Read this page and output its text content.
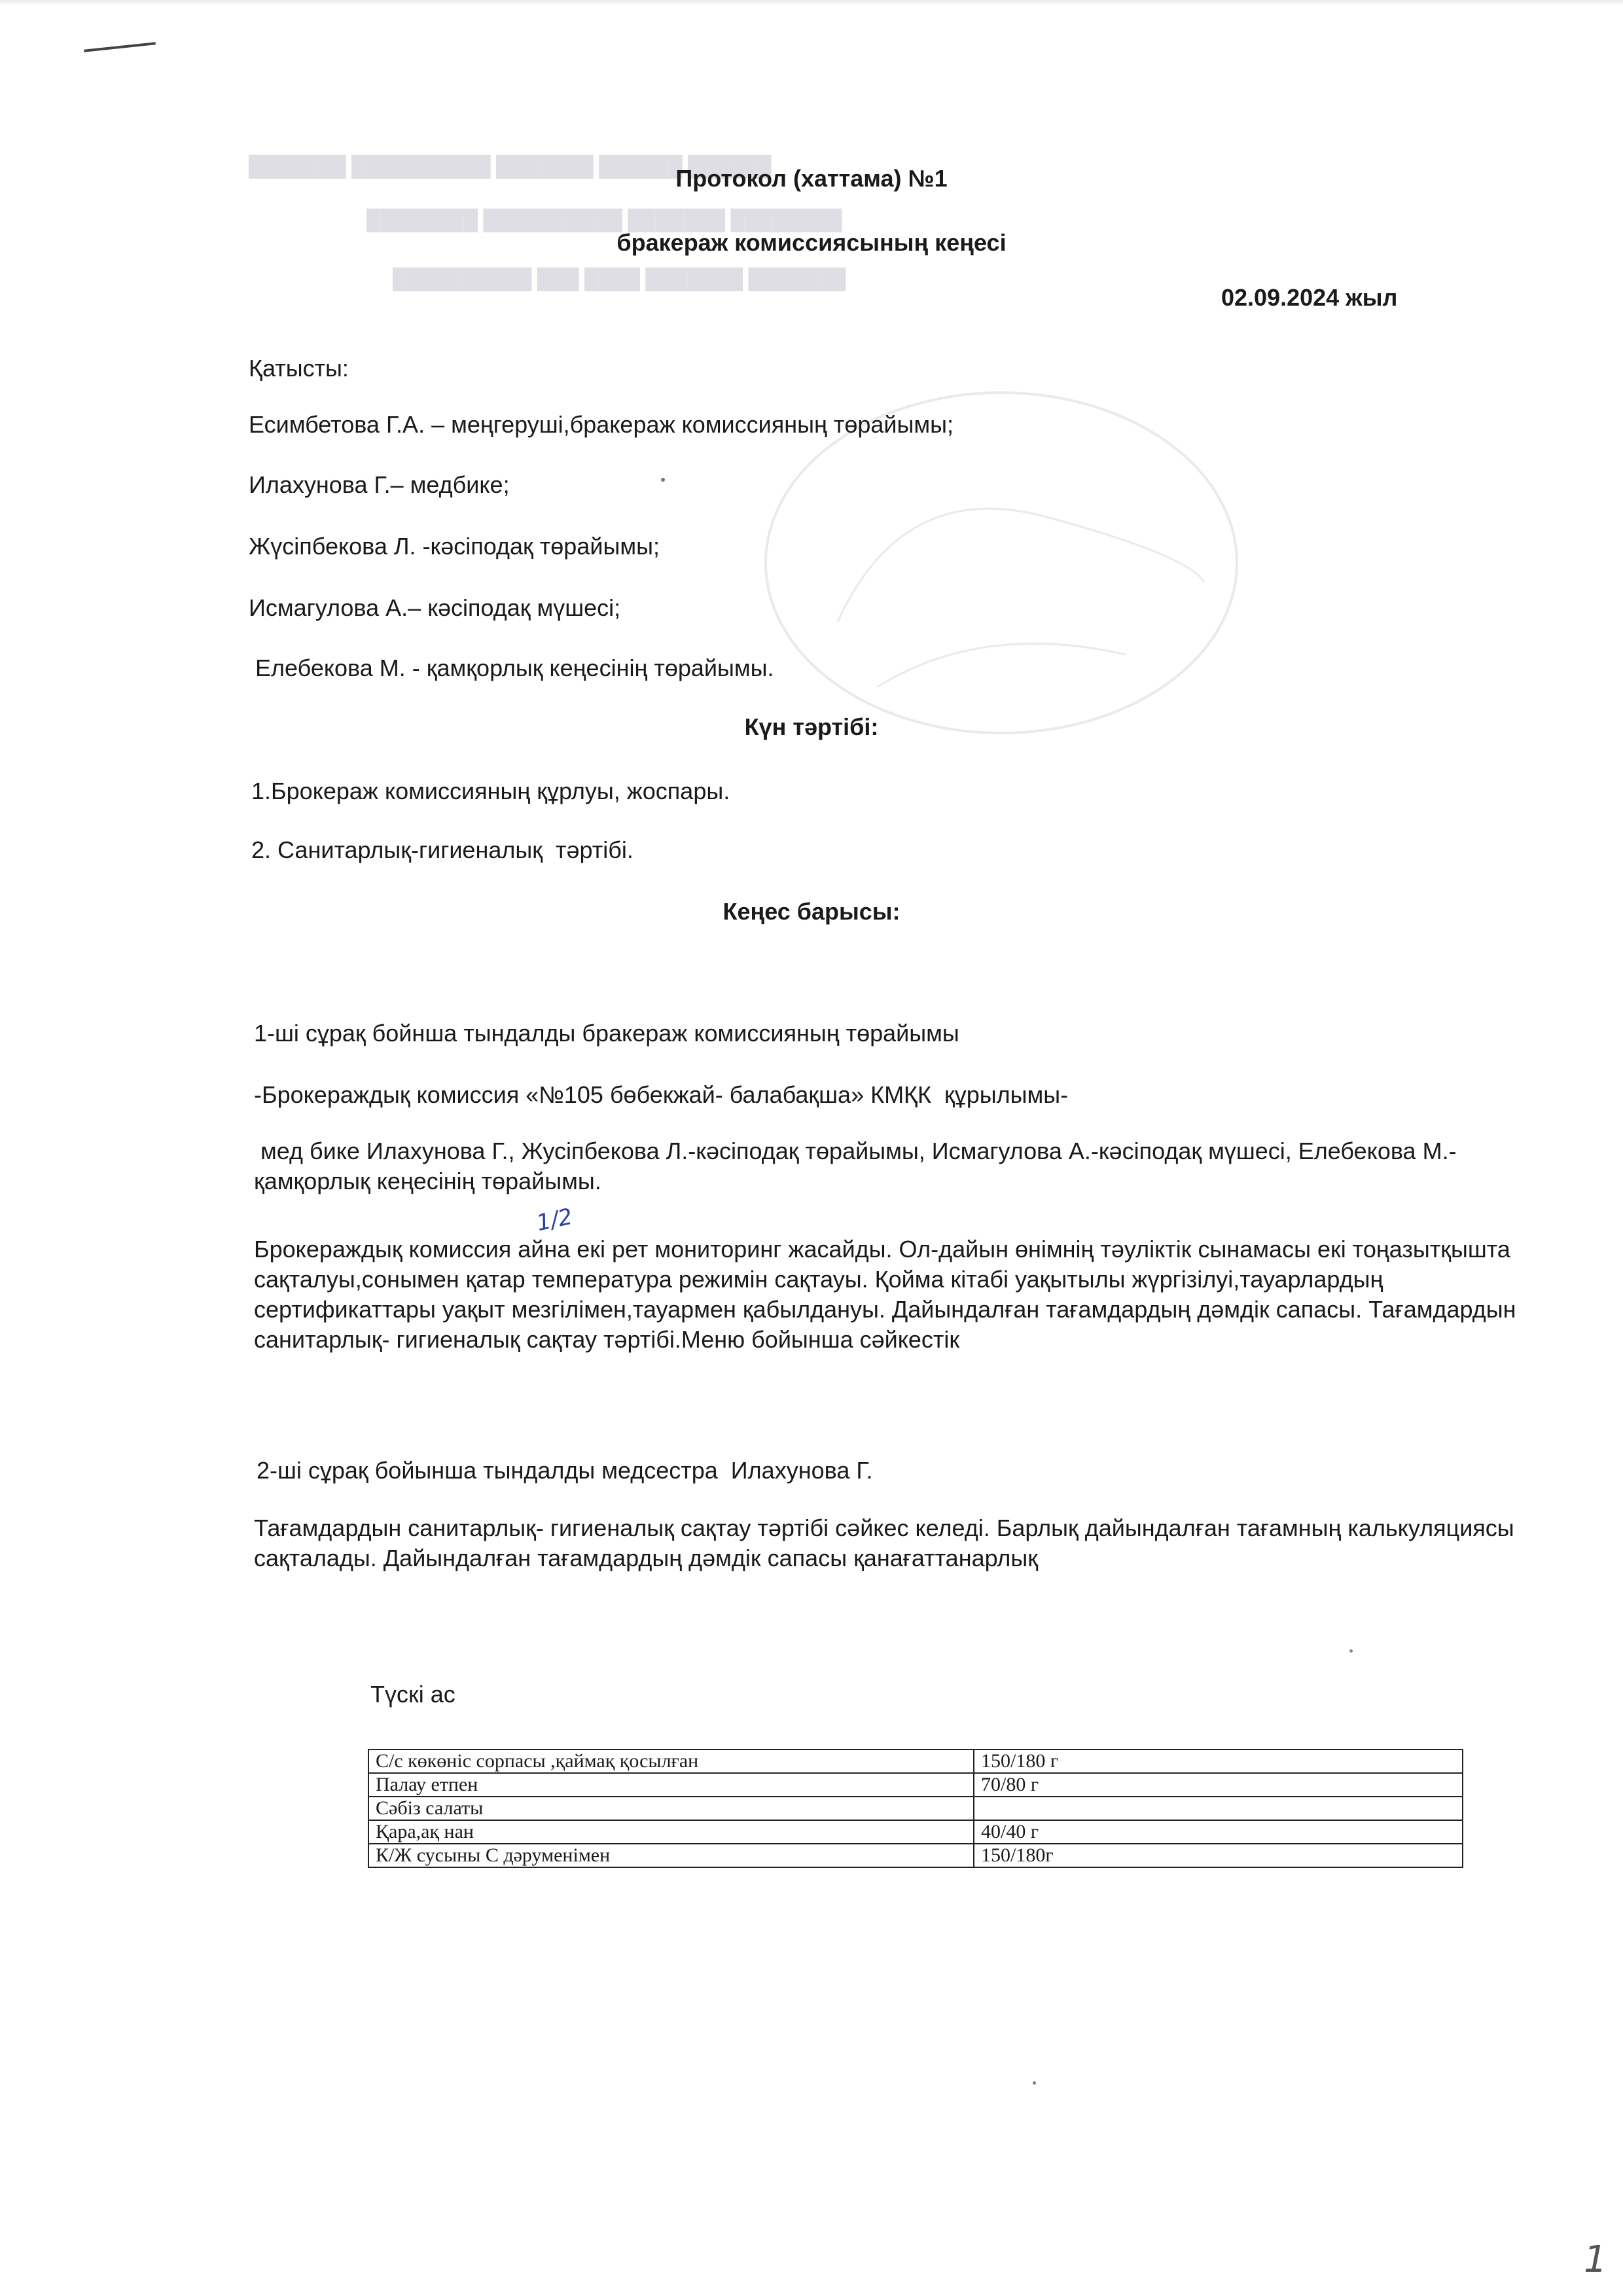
██████ ██████ ███████ ██████████ ███████
████████ ███████ ██████████ ████████
███████ ███████ ████ ███ ██████████
Протокол (хаттама) №1
бракераж комиссиясының кеңесі
02.09.2024 жыл
Қатысты:
Есимбетова Г.А. – меңгеруші,бракераж комиссияның төрайымы;
Илахунова Г.– медбике;
Жүсіпбекова Л. -кәсіподақ төрайымы;
Исмагулова А.– кәсіподақ мүшесі;
Елебекова М. - қамқорлық кеңесінің төрайымы.
Күн тәртібі:
1.Брокераж комиссияның құрлуы, жоспары.
2. Санитарлық-гигиеналық  тәртібі.
Кеңес барысы:
1-ші сұрақ бойнша тындалды бракераж комиссияның төрайымы
-Брокераждық комиссия «№105 бөбекжай- балабақша» КМҚК  құрылымы-
мед бике Илахунова Г., Жусіпбекова Л.-кәсіподақ төрайымы, Исмагулова А.-кәсіподақ мүшесі, Елебекова М.-қамқорлық кеңесінің төрайымы.
Брокераждық комиссия айна екі рет мониторинг жасайды. Ол-дайын өнімнің тәуліктік сынамасы екі тоңазытқышта сақталуы,сонымен қатар температура режимін сақтауы. Қойма кітабі уақытылы жүргізілуі,тауарлардың сертификаттары уақыт мезгілімен,тауармен қабылдануы. Дайындалған тағамдардың дәмдік сапасы. Тағамдардын санитарлық- гигиеналық сақтау тәртібі.Меню бойынша сәйкестік
1/2
2-ші сұрақ бойынша тындалды медсестра  Илахунова Г.
Тағамдардын санитарлық- гигиеналық сақтау тәртібі сәйкес келеді. Барлық дайындалған тағамның калькуляциясы сақталады. Дайындалған тағамдардың дәмдік сапасы қанағаттанарлық
Түскі ас
С/с көкөніс сорпасы ,қаймақ қосылған	150/180 г
Палау етпен	70/80 г
Сәбіз салаты	
Қара,ақ нан	40/40 г
К/Ж сусыны С дәруменімен	150/180г
1
